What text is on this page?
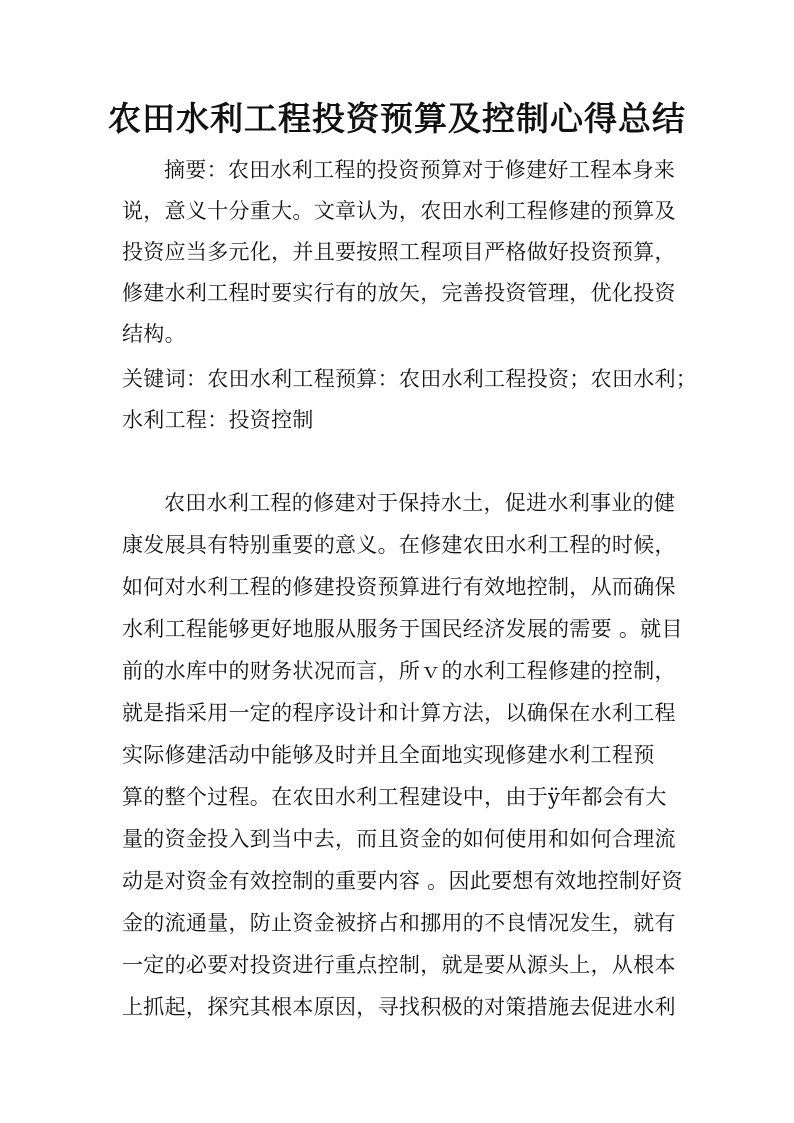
农田水利工程投资预算及控制心得总结
摘要：农田水利工程的投资预算对于修建好工程本身来
说，意义十分重大。文章认为，农田水利工程修建的预算及
投资应当多元化，并且要按照工程项目严格做好投资预算，
修建水利工程时要实行有的放矢，完善投资管理，优化投资
结构。
关键词：农田水利工程预算：农田水利工程投资；农田水利；
水利工程：投资控制
农田水利工程的修建对于保持水土，促进水利事业的健
康发展具有特别重要的意义。在修建农田水利工程的时候，
如何对水利工程的修建投资预算进行有效地控制，从而确保
水利工程能够更好地服从服务于国民经济发展的需要 。就目
前的水库中的财务状况而言，所ｖ的水利工程修建的控制，
就是指采用一定的程序设计和计算方法，以确保在水利工程
实际修建活动中能够及时并且全面地实现修建水利工程预
算的整个过程。在农田水利工程建设中，由于ÿ年都会有大
量的资金投入到当中去，而且资金的如何使用和如何合理流
动是对资金有效控制的重要内容 。因此要想有效地控制好资
金的流通量，防止资金被挤占和挪用的不良情况发生，就有
一定的必要对投资进行重点控制，就是要从源头上，从根本
上抓起，探究其根本原因，寻找积极的对策措施去促进水利
